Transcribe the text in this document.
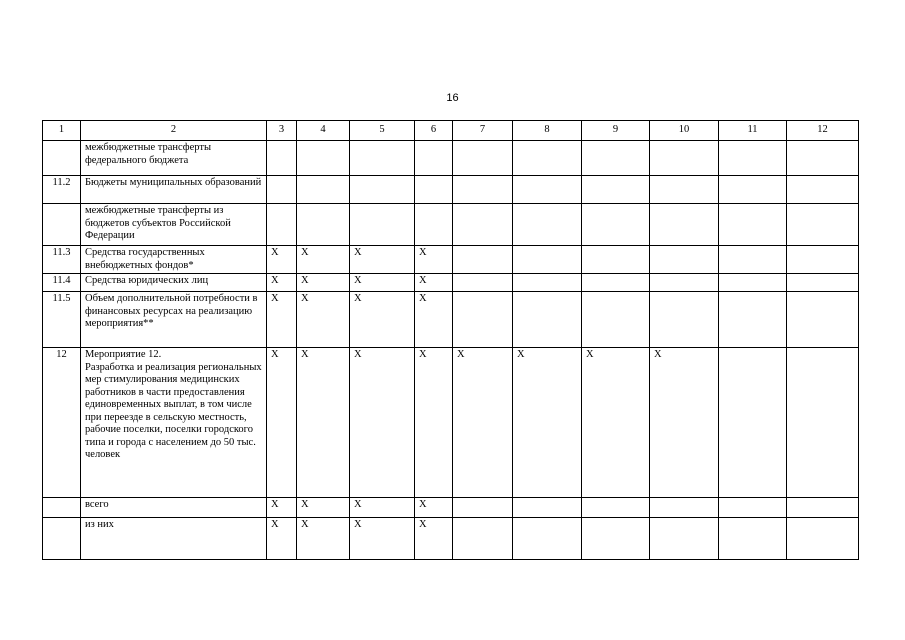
16
1	2	3	4	5	6	7	8	9	10	11	12
	межбюджетные трансферты федерального бюджета										
11.2	Бюджеты муниципальных образований										
	межбюджетные трансферты из бюджетов субъектов Российской Федерации										
11.3	Средства государственных внебюджетных фондов*	X	X	X	X						
11.4	Средства юридических лиц	X	X	X	X						
11.5	Объем дополнительной потребности в финансовых ресурсах на реализацию мероприятия**	X	X	X	X						
12	Мероприятие 12.
Разработка и реализация региональных мер стимулирования медицинских работников в части предоставления единовременных выплат, в том числе при переезде в сельскую местность, рабочие поселки, поселки городского типа и города с населением до 50 тыс. человек	X	X	X	X	X	X	X	X		
	всего	X	X	X	X						
	из них	X	X	X	X						
